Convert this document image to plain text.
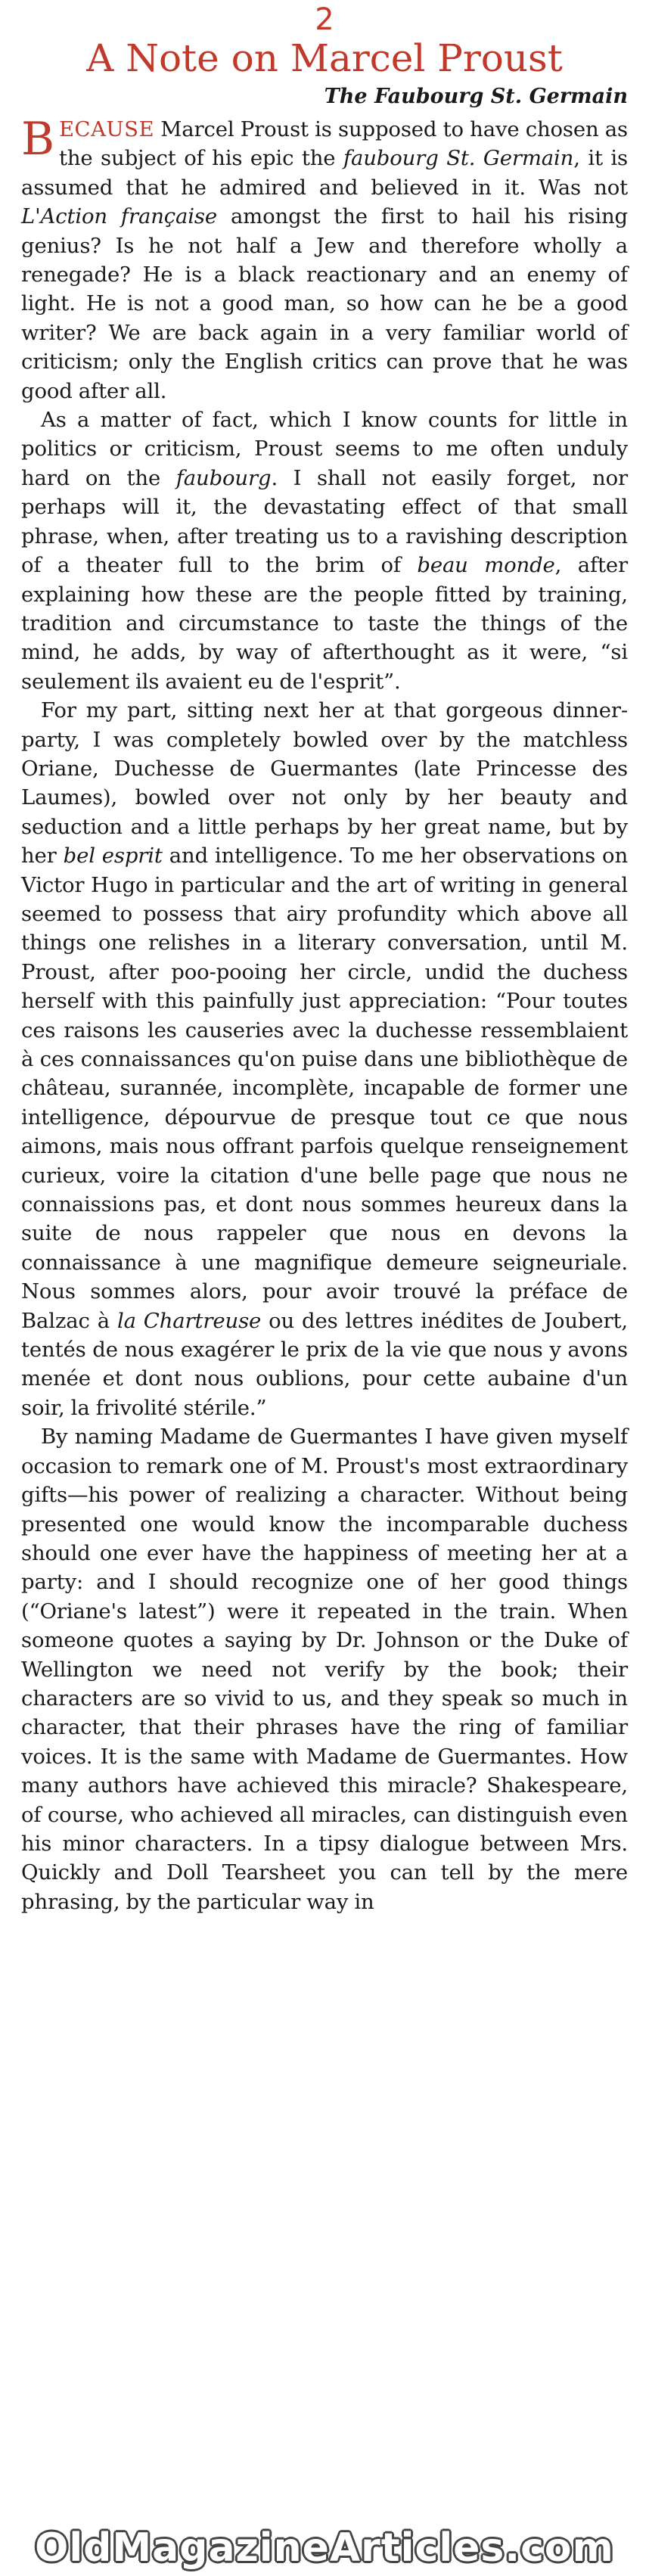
2
A Note on Marcel Proust
The Faubourg St. Germain

BECAUSE Marcel Proust is supposed to have chosen as the subject of his epic the faubourg St. Germain, it is assumed that he admired and believed in it. Was not L'Action française amongst the first to hail his rising genius? Is he not half a Jew and therefore wholly a renegade? He is a black reactionary and an enemy of light. He is not a good man, so how can he be a good writer? We are back again in a very familiar world of criticism; only the English critics can prove that he was good after all.

As a matter of fact, which I know counts for little in politics or criticism, Proust seems to me often unduly hard on the faubourg. I shall not easily forget, nor perhaps will it, the devastating effect of that small phrase, when, after treating us to a ravishing description of a theater full to the brim of beau monde, after explaining how these are the people fitted by training, tradition and circumstance to taste the things of the mind, he adds, by way of afterthought as it were, “si seulement ils avaient eu de l'esprit”.

For my part, sitting next her at that gorgeous dinner-party, I was completely bowled over by the matchless Oriane, Duchesse de Guermantes (late Princesse des Laumes), bowled over not only by her beauty and seduction and a little perhaps by her great name, but by her bel esprit and intelligence. To me her observations on Victor Hugo in particular and the art of writing in general seemed to possess that airy profundity which above all things one relishes in a literary conversation, until M. Proust, after poo-pooing her circle, undid the duchess herself with this painfully just appreciation: “Pour toutes ces raisons les causeries avec la duchesse ressemblaient à ces connaissances qu'on puise dans une bibliothèque de château, surannée, incomplète, incapable de former une intelligence, dépourvue de presque tout ce que nous aimons, mais nous offrant parfois quelque renseignement curieux, voire la citation d'une belle page que nous ne connaissions pas, et dont nous sommes heureux dans la suite de nous rappeler que nous en devons la connaissance à une magnifique demeure seigneuriale. Nous sommes alors, pour avoir trouvé la préface de Balzac à la Chartreuse ou des lettres inédites de Joubert, tentés de nous exagérer le prix de la vie que nous y avons menée et dont nous oublions, pour cette aubaine d'un soir, la frivolité stérile.”

By naming Madame de Guermantes I have given myself occasion to remark one of M. Proust's most extraordinary gifts—his power of realizing a character. Without being presented one would know the incomparable duchess should one ever have the happiness of meeting her at a party: and I should recognize one of her good things (“Oriane's latest”) were it repeated in the train. When someone quotes a saying by Dr. Johnson or the Duke of Wellington we need not verify by the book; their characters are so vivid to us, and they speak so much in character, that their phrases have the ring of familiar voices. It is the same with Madame de Guermantes. How many authors have achieved this miracle? Shakespeare, of course, who achieved all miracles, can distinguish even his minor characters. In a tipsy dialogue between Mrs. Quickly and Doll Tearsheet you can tell by the mere phrasing, by the particular way in

OldMagazineArticles.com
